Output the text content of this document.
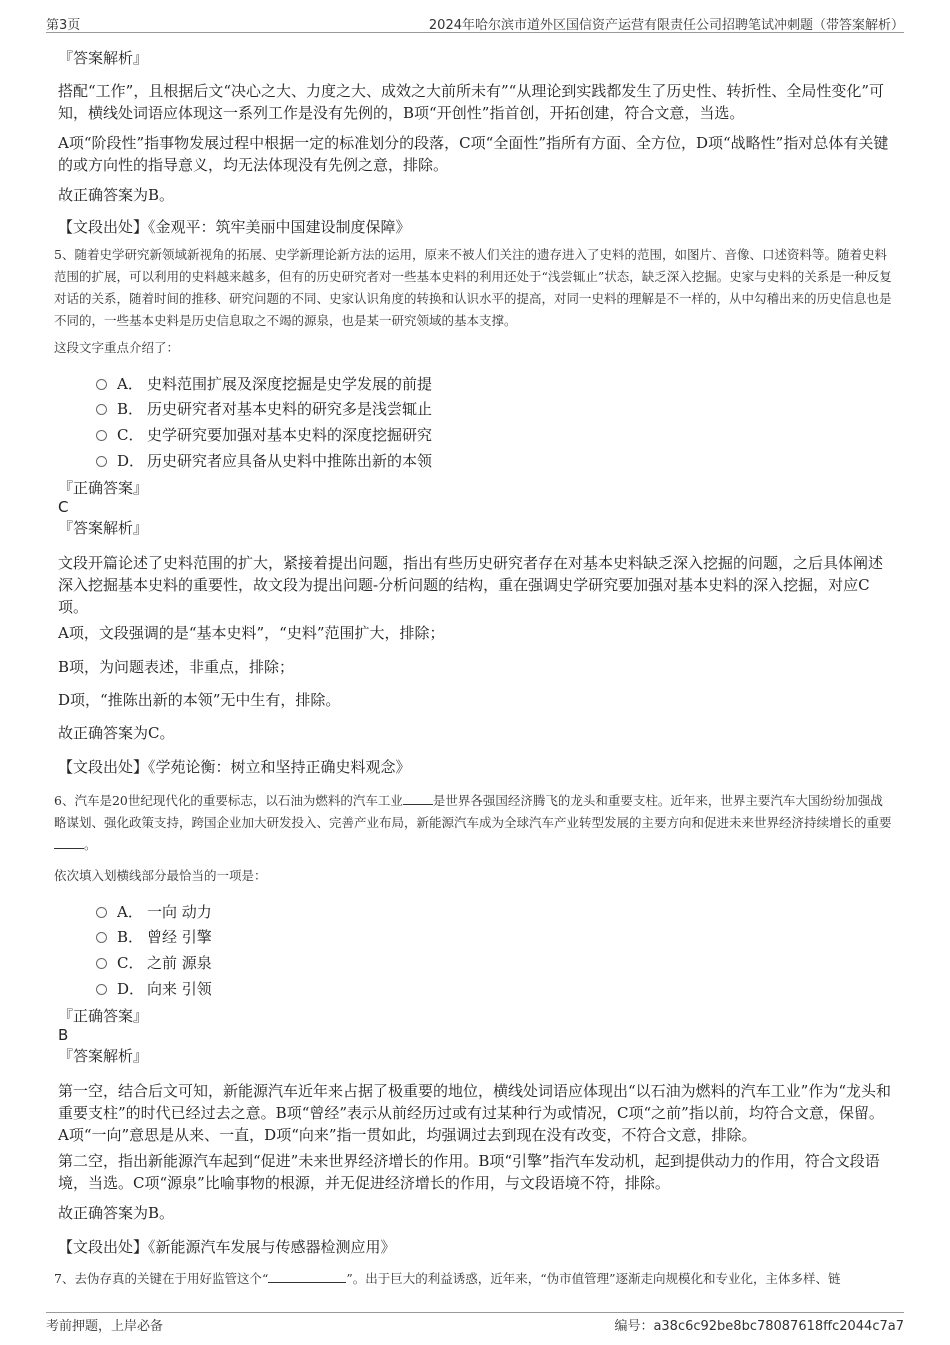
第3页	2024年哈尔滨市道外区国信资产运营有限责任公司招聘笔试冲刺题（带答案解析）
『答案解析』
搭配“工作”，且根据后文“决心之大、力度之大、成效之大前所未有”“从理论到实践都发生了历史性、转折性、全局性变化”可知，横线处词语应体现这一系列工作是没有先例的，B项“开创性”指首创，开拓创建，符合文意，当选。
A项“阶段性”指事物发展过程中根据一定的标准划分的段落，C项“全面性”指所有方面、全方位，D项“战略性”指对总体有关键的或方向性的指导意义，均无法体现没有先例之意，排除。
故正确答案为B。
【文段出处】《金观平：筑牢美丽中国建设制度保障》
5、随着史学研究新领域新视角的拓展、史学新理论新方法的运用，原来不被人们关注的遗存进入了史料的范围，如图片、音像、口述资料等。随着史料范围的扩展，可以利用的史料越来越多，但有的历史研究者对一些基本史料的利用还处于“浅尝辄止”状态，缺乏深入挖掘。史家与史料的关系是一种反复对话的关系，随着时间的推移、研究问题的不同、史家认识角度的转换和认识水平的提高，对同一史料的理解是不一样的，从中勾稽出来的历史信息也是不同的，一些基本史料是历史信息取之不竭的源泉，也是某一研究领域的基本支撑。
这段文字重点介绍了：
A． 史料范围扩展及深度挖掘是史学发展的前提
B． 历史研究者对基本史料的研究多是浅尝辄止
C． 史学研究要加强对基本史料的深度挖掘研究
D． 历史研究者应具备从史料中推陈出新的本领
『正确答案』
C
『答案解析』
文段开篇论述了史料范围的扩大，紧接着提出问题，指出有些历史研究者存在对基本史料缺乏深入挖掘的问题，之后具体阐述深入挖掘基本史料的重要性，故文段为提出问题-分析问题的结构，重在强调史学研究要加强对基本史料的深入挖掘，对应C项。
A项，文段强调的是“基本史料”，“史料”范围扩大，排除；
B项，为问题表述，非重点，排除；
D项，“推陈出新的本领”无中生有，排除。
故正确答案为C。
【文段出处】《学苑论衡：树立和坚持正确史料观念》
6、汽车是20世纪现代化的重要标志，以石油为燃料的汽车工业 是世界各强国经济腾飞的龙头和重要支柱。近年来，世界主要汽车大国纷纷加强战略谋划、强化政策支持，跨国企业加大研发投入、完善产业布局，新能源汽车成为全球汽车产业转型发展的主要方向和促进未来世界经济持续增长的重要。
依次填入划横线部分最恰当的一项是：
A． 一向 动力
B． 曾经 引擎
C． 之前 源泉
D． 向来 引领
『正确答案』
B
『答案解析』
第一空，结合后文可知，新能源汽车近年来占据了极重要的地位，横线处词语应体现出“以石油为燃料的汽车工业”作为“龙头和重要支柱”的时代已经过去之意。B项“曾经”表示从前经历过或有过某种行为或情况，C项“之前”指以前，均符合文意，保留。A项“一向”意思是从来、一直，D项“向来”指一贯如此，均强调过去到现在没有改变，不符合文意，排除。
第二空，指出新能源汽车起到“促进”未来世界经济增长的作用。B项“引擎”指汽车发动机，起到提供动力的作用，符合文段语境，当选。C项“源泉”比喻事物的根源，并无促进经济增长的作用，与文段语境不符，排除。
故正确答案为B。
【文段出处】《新能源汽车发展与传感器检测应用》
7、去伪存真的关键在于用好监管这个“	”。出于巨大的利益诱惑，近年来，“伪市值管理”逐渐走向规模化和专业化，主体多样、链
考前押题，上岸必备	编号：a38c6c92be8bc78087618ffc2044c7a7
